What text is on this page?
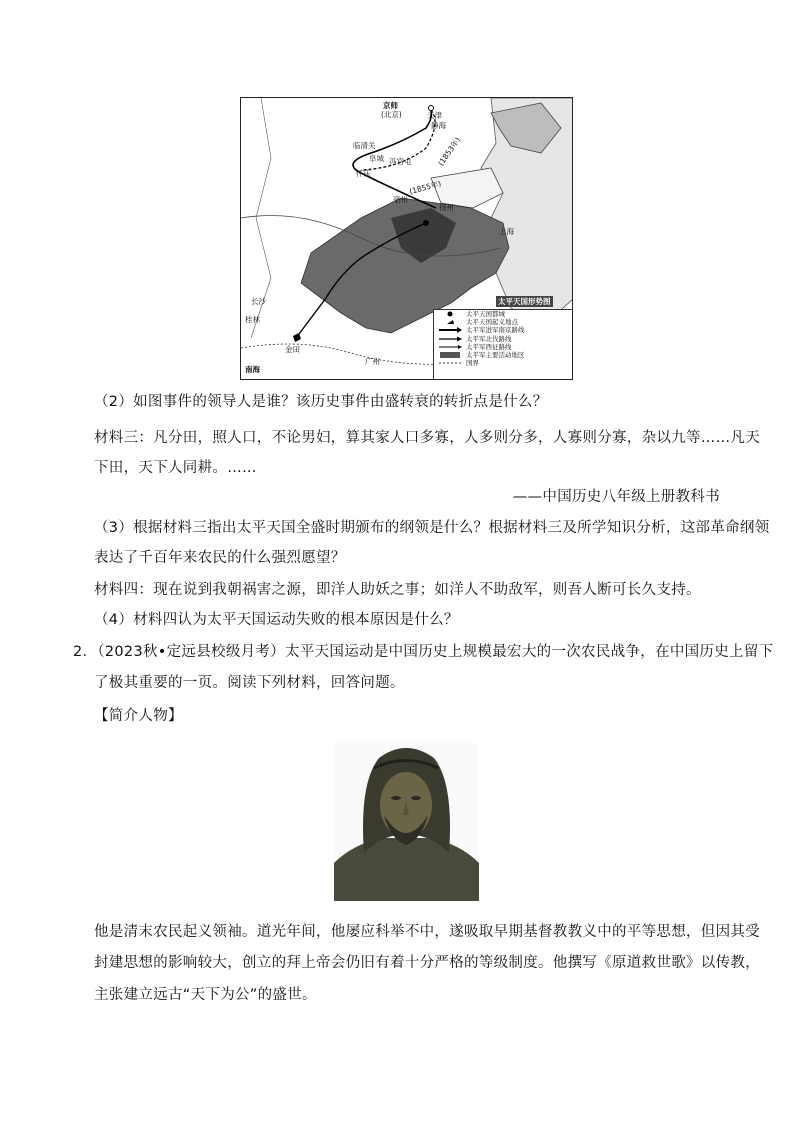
京师
(北京)	天津
静海
临清关
阜城 冯官屯	(1853年)
怀庆
(1855年)
亳州
扬州
上海
长沙
桂林
金田
广州
南海
太平天国形势图
太平天国都城
太平天国起义地点
太平军进军南京路线
太平军北伐路线
太平军西征路线
太平军主要活动地区
国界
（2）如图事件的领导人是谁？该历史事件由盛转衰的转折点是什么？
材料三：凡分田，照人口，不论男妇，算其家人口多寡，人多则分多，人寡则分寡，杂以九等……凡天
下田，天下人同耕。……
——中国历史八年级上册教科书
（3）根据材料三指出太平天国全盛时期颁布的纲领是什么？根据材料三及所学知识分析，这部革命纲领
表达了千百年来农民的什么强烈愿望？
材料四：现在说到我朝祸害之源，即洋人助妖之事；如洋人不助敌军，则吾人断可长久支持。
（4）材料四认为太平天国运动失败的根本原因是什么？
2．（2023秋•定远县校级月考）太平天国运动是中国历史上规模最宏大的一次农民战争，在中国历史上留下
了极其重要的一页。阅读下列材料，回答问题。
【简介人物】
他是清末农民起义领袖。道光年间，他屡应科举不中，遂吸取早期基督教教义中的平等思想，但因其受
封建思想的影响较大，创立的拜上帝会仍旧有着十分严格的等级制度。他撰写《原道救世歌》以传教，
主张建立远古“天下为公”的盛世。
